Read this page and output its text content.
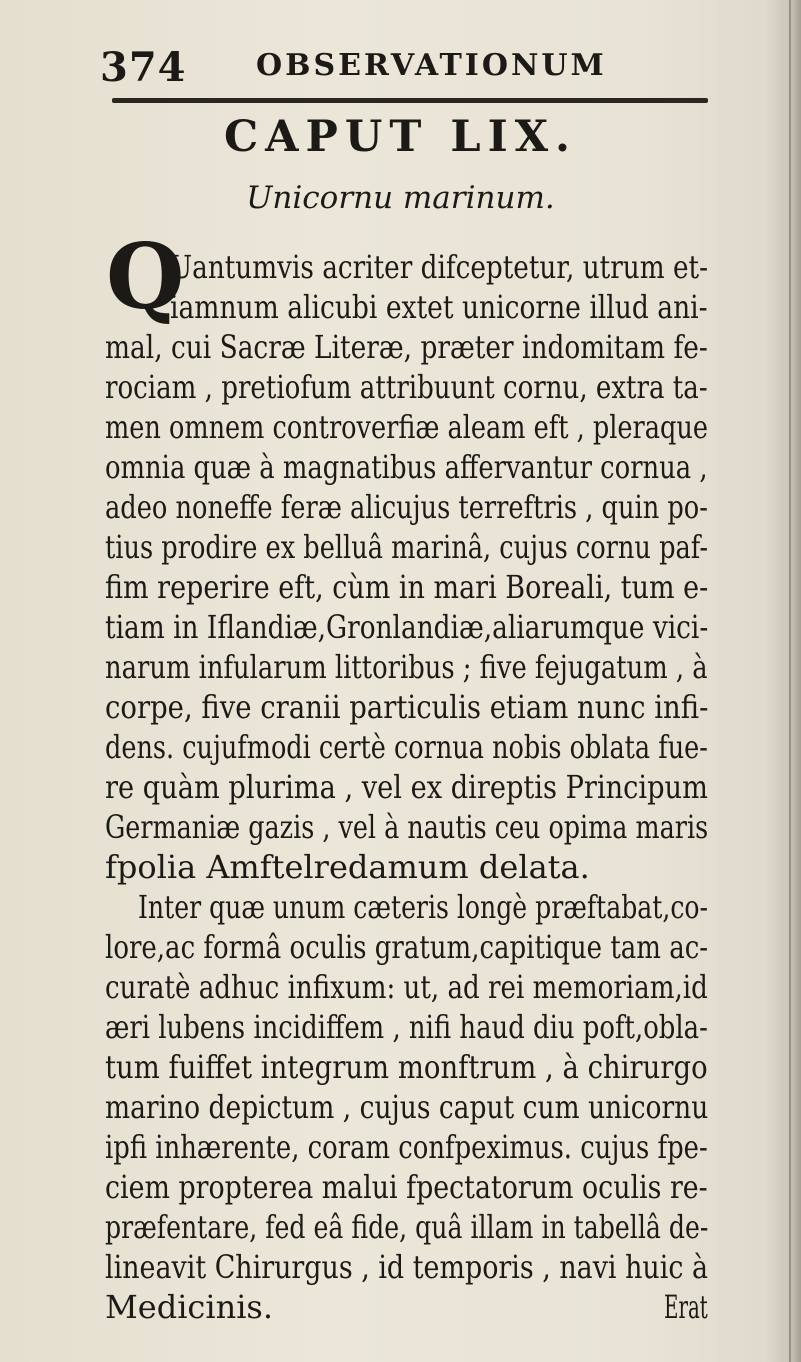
374 OBSERVATIONUM
CAPUT LIX.
Unicornu marinum.
Q
Uantumvis acriter difceptetur, utrum et-
iamnum alicubi extet unicorne illud ani-
mal, cui Sacræ Literæ, præter indomitam fe-
rociam , pretiofum attribuunt cornu, extra ta-
men omnem controverfiæ aleam eft , pleraque
omnia quæ à magnatibus affervantur cornua ,
adeo noneffe feræ alicujus terreftris , quin po-
tius prodire ex belluâ marinâ, cujus cornu paf-
fim reperire eft, cùm in mari Boreali, tum e-
tiam in Iflandiæ,Gronlandiæ,aliarumque vici-
narum infularum littoribus ; five fejugatum , à
corpe, five cranii particulis etiam nunc infi-
dens. cujufmodi certè cornua nobis oblata fue-
re quàm plurima , vel ex direptis Principum
Germaniæ gazis , vel à nautis ceu opima maris
fpolia Amftelredamum delata.
Inter quæ unum cæteris longè præftabat,co-
lore,ac formâ oculis gratum,capitique tam ac-
curatè adhuc infixum: ut, ad rei memoriam,id
æri lubens incidiffem , nifi haud diu poft,obla-
tum fuiffet integrum monftrum , à chirurgo
marino depictum , cujus caput cum unicornu
ipfi inhærente, coram confpeximus. cujus fpe-
ciem propterea malui fpectatorum oculis re-
præfentare, fed eâ fide, quâ illam in tabellâ de-
lineavit Chirurgus , id temporis , navi huic à
Medicinis.	Erat
